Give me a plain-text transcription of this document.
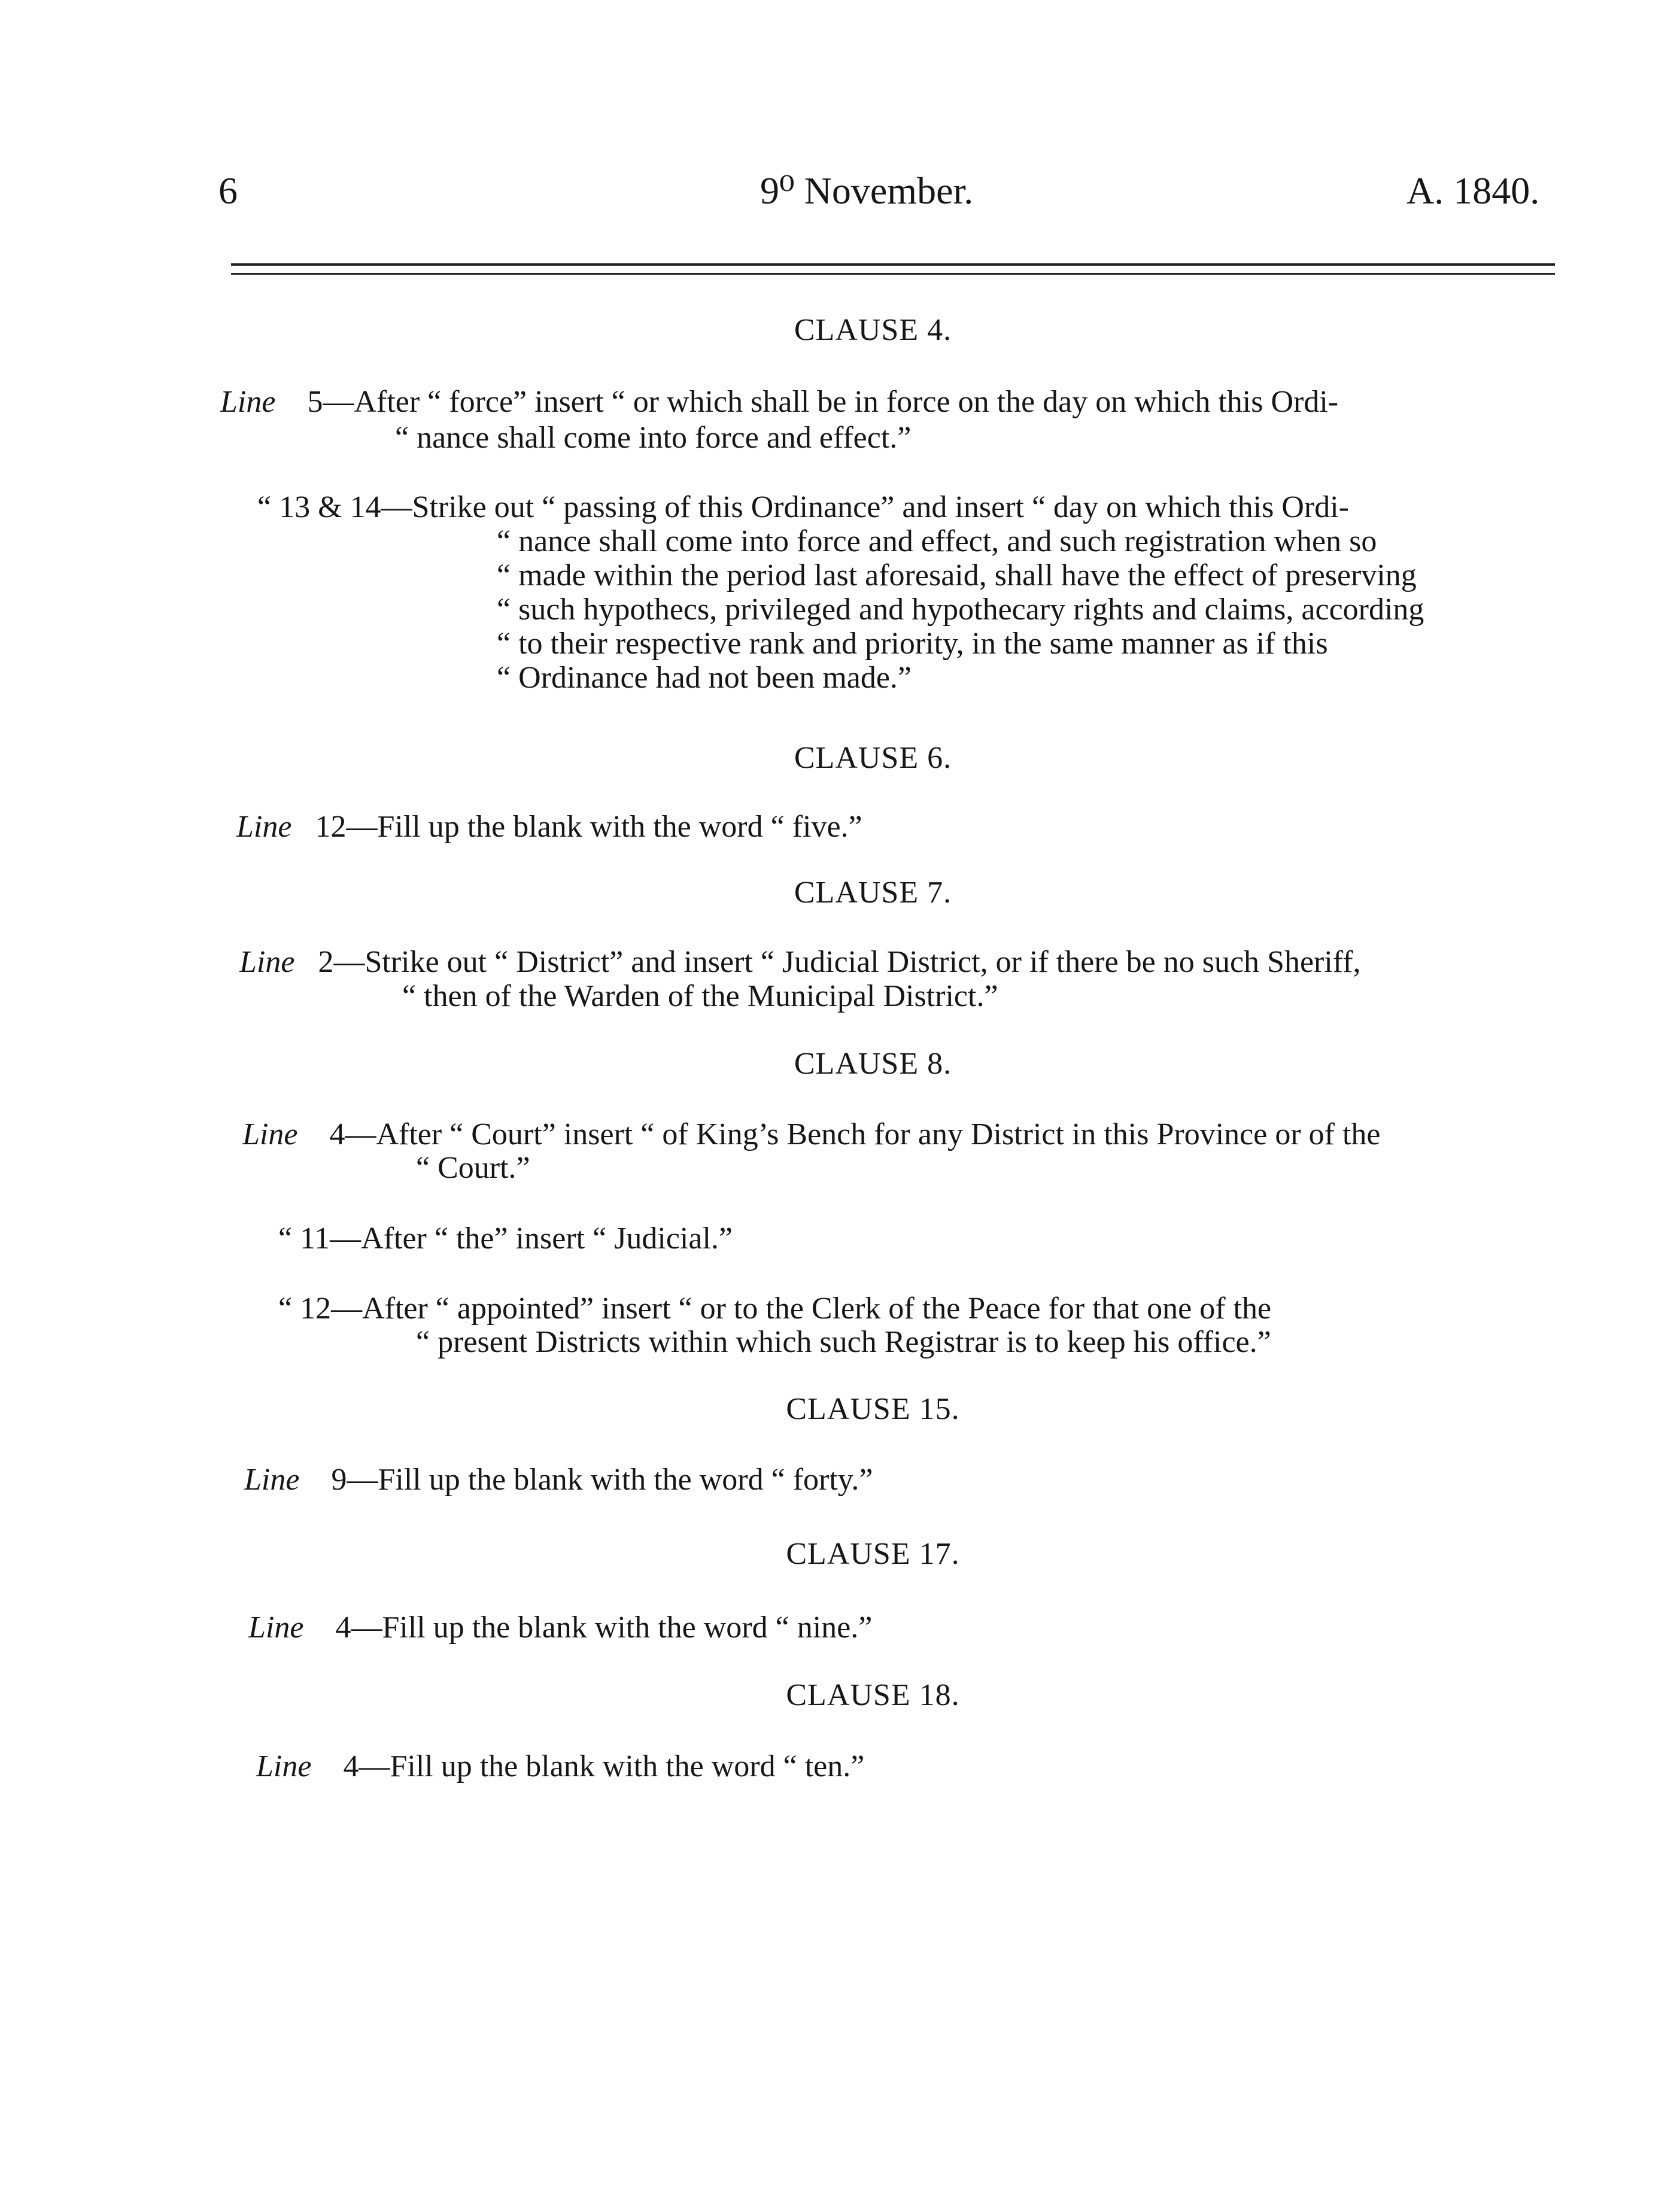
6	9⁰ November.	A. 1840.
CLAUSE 4.
Line 5—After “ force” insert “ or which shall be in force on the day on which this Ordi-
“ nance shall come into force and effect.”
“ 13 & 14—Strike out “ passing of this Ordinance” and insert “ day on which this Ordi-
“ nance shall come into force and effect, and such registration when so
“ made within the period last aforesaid, shall have the effect of preserving
“ such hypothecs, privileged and hypothecary rights and claims, according
“ to their respective rank and priority, in the same manner as if this
“ Ordinance had not been made.”
CLAUSE 6.
Line 12—Fill up the blank with the word “ five.”
CLAUSE 7.
Line 2—Strike out “ District” and insert “ Judicial District, or if there be no such Sheriff,
“ then of the Warden of the Municipal District.”
CLAUSE 8.
Line 4—After “ Court” insert “ of King’s Bench for any District in this Province or of the
“ Court.”
“ 11—After “ the” insert “ Judicial.”
“ 12—After “ appointed” insert “ or to the Clerk of the Peace for that one of the
“ present Districts within which such Registrar is to keep his office.”
CLAUSE 15.
Line 9—Fill up the blank with the word “ forty.”
CLAUSE 17.
Line 4—Fill up the blank with the word “ nine.”
CLAUSE 18.
Line 4—Fill up the blank with the word “ ten.”
